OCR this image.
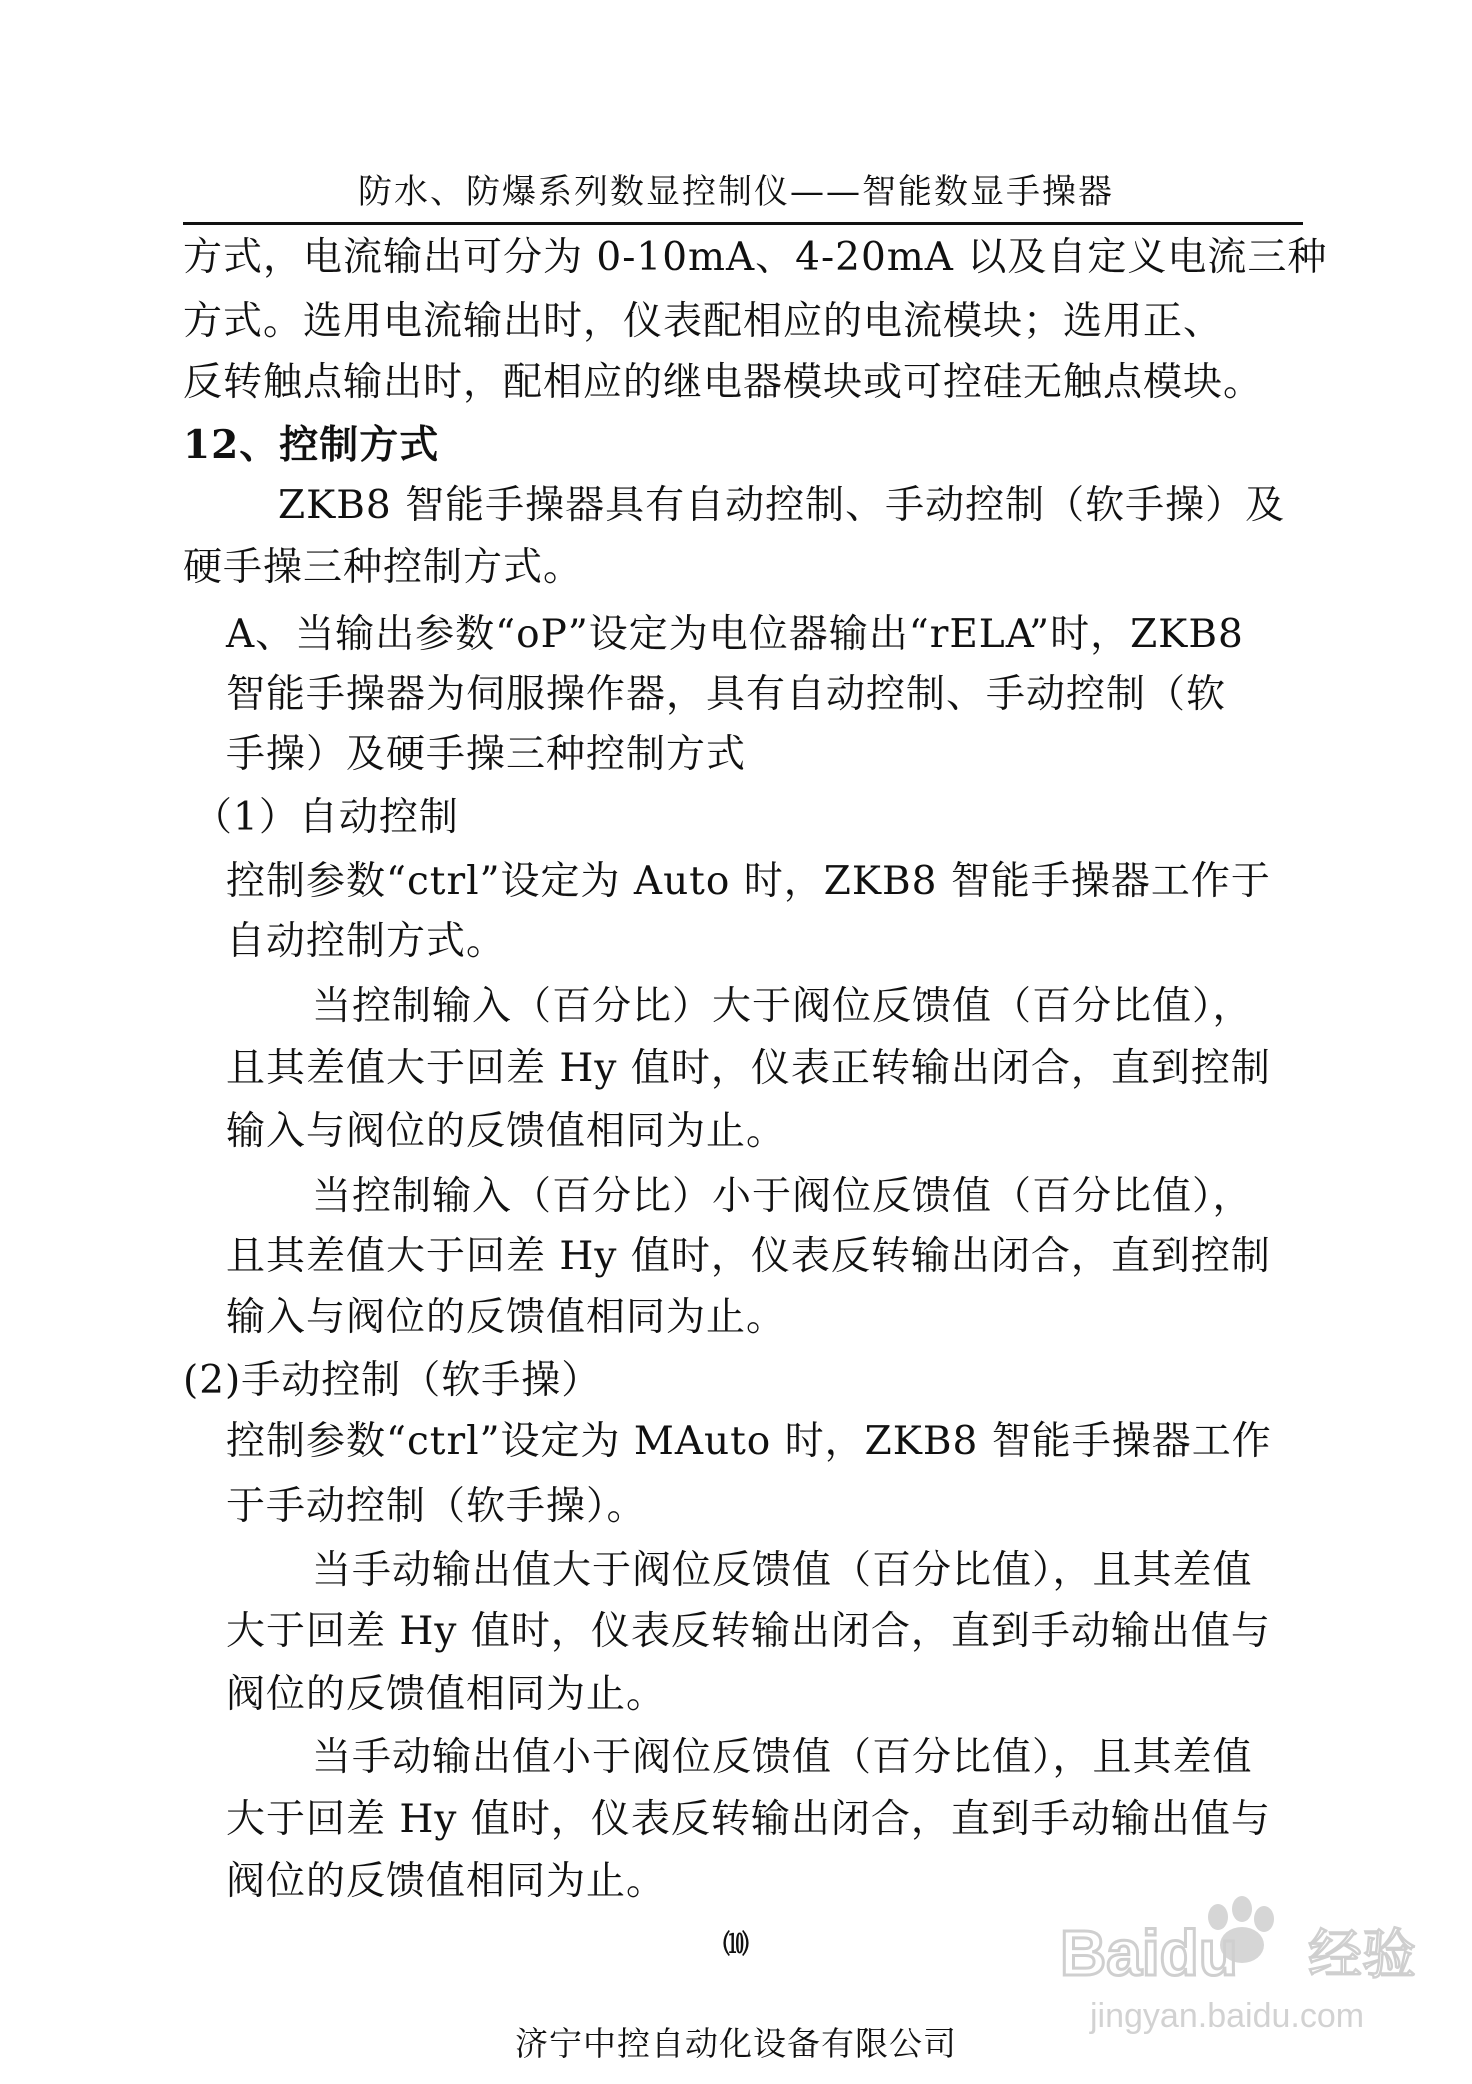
防水、防爆系列数显控制仪——智能数显手操器
方式，电流输出可分为 0-10mA、4-20mA 以及自定义电流三种
方式。选用电流输出时，仪表配相应的电流模块；选用正、
反转触点输出时，配相应的继电器模块或可控硅无触点模块。
12、控制方式
ZKB8 智能手操器具有自动控制、手动控制（软手操）及
硬手操三种控制方式。
A、当输出参数“oP”设定为电位器输出“rELA”时，ZKB8
智能手操器为伺服操作器，具有自动控制、手动控制（软
手操）及硬手操三种控制方式
（1）自动控制
控制参数“ctrl”设定为 Auto 时，ZKB8 智能手操器工作于
自动控制方式。
当控制输入（百分比）大于阀位反馈值（百分比值），
且其差值大于回差 Hy 值时，仪表正转输出闭合，直到控制
输入与阀位的反馈值相同为止。
当控制输入（百分比）小于阀位反馈值（百分比值），
且其差值大于回差 Hy 值时，仪表反转输出闭合，直到控制
输入与阀位的反馈值相同为止。
(2)手动控制（软手操）
控制参数“ctrl”设定为 MAuto 时，ZKB8 智能手操器工作
于手动控制（软手操）。
当手动输出值大于阀位反馈值（百分比值），且其差值
大于回差 Hy 值时，仪表反转输出闭合，直到手动输出值与
阀位的反馈值相同为止。
当手动输出值小于阀位反馈值（百分比值），且其差值
大于回差 Hy 值时，仪表反转输出闭合，直到手动输出值与
阀位的反馈值相同为止。
⑽
济宁中控自动化设备有限公司
Baidu 经验
jingyan.baidu.com
